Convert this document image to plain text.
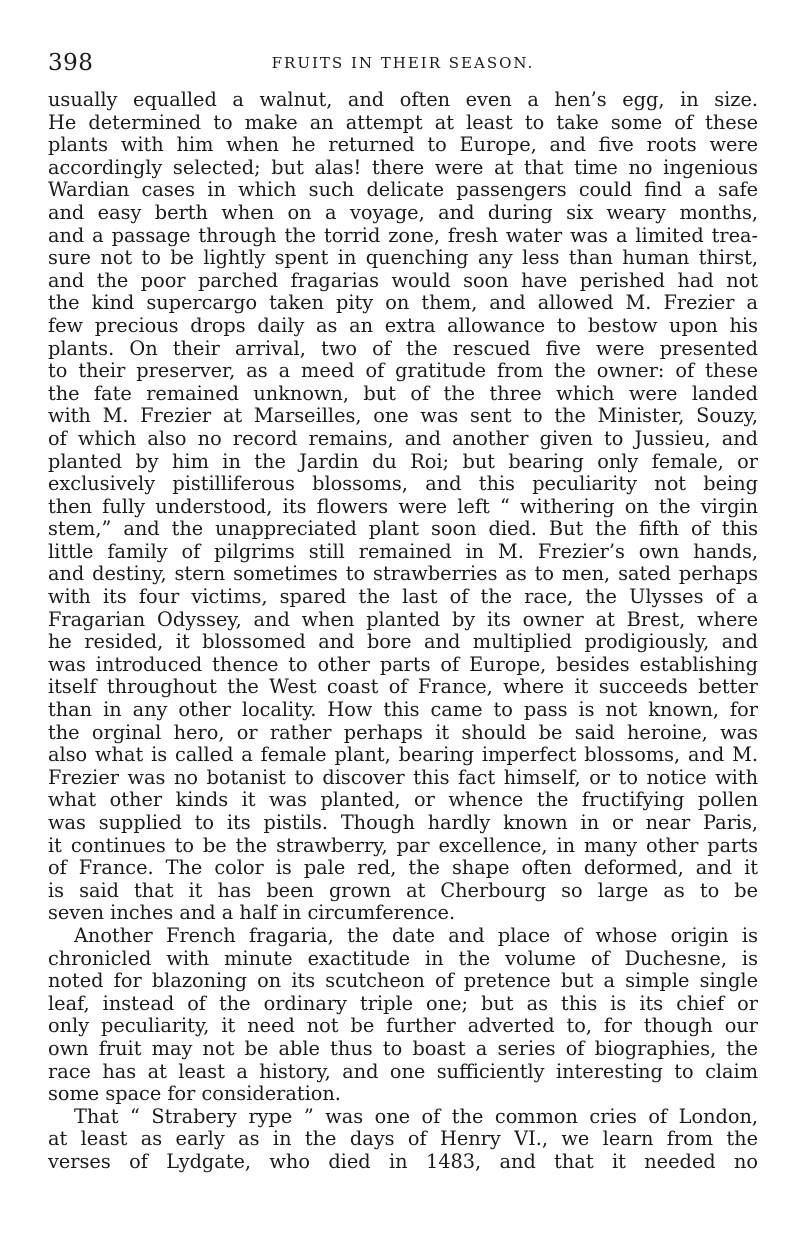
398	FRUITS IN THEIR SEASON.
usually equalled a walnut, and often even a hen’s egg, in size.
He determined to make an attempt at least to take some of these
plants with him when he returned to Europe, and five roots were
accordingly selected; but alas! there were at that time no ingenious
Wardian cases in which such delicate passengers could find a safe
and easy berth when on a voyage, and during six weary months,
and a passage through the torrid zone, fresh water was a limited trea-
sure not to be lightly spent in quenching any less than human thirst,
and the poor parched fragarias would soon have perished had not
the kind supercargo taken pity on them, and allowed M. Frezier a
few precious drops daily as an extra allowance to bestow upon his
plants. On their arrival, two of the rescued five were presented
to their preserver, as a meed of gratitude from the owner: of these
the fate remained unknown, but of the three which were landed
with M. Frezier at Marseilles, one was sent to the Minister, Souzy,
of which also no record remains, and another given to Jussieu, and
planted by him in the Jardin du Roi; but bearing only female, or
exclusively pistilliferous blossoms, and this peculiarity not being
then fully understood, its flowers were left “ withering on the virgin
stem,” and the unappreciated plant soon died. But the fifth of this
little family of pilgrims still remained in M. Frezier’s own hands,
and destiny, stern sometimes to strawberries as to men, sated perhaps
with its four victims, spared the last of the race, the Ulysses of a
Fragarian Odyssey, and when planted by its owner at Brest, where
he resided, it blossomed and bore and multiplied prodigiously, and
was introduced thence to other parts of Europe, besides establishing
itself throughout the West coast of France, where it succeeds better
than in any other locality. How this came to pass is not known, for
the orginal hero, or rather perhaps it should be said heroine, was
also what is called a female plant, bearing imperfect blossoms, and M.
Frezier was no botanist to discover this fact himself, or to notice with
what other kinds it was planted, or whence the fructifying pollen
was supplied to its pistils. Though hardly known in or near Paris,
it continues to be the strawberry, par excellence, in many other parts
of France. The color is pale red, the shape often deformed, and it
is said that it has been grown at Cherbourg so large as to be
seven inches and a half in circumference.
Another French fragaria, the date and place of whose origin is
chronicled with minute exactitude in the volume of Duchesne, is
noted for blazoning on its scutcheon of pretence but a simple single
leaf, instead of the ordinary triple one; but as this is its chief or
only peculiarity, it need not be further adverted to, for though our
own fruit may not be able thus to boast a series of biographies, the
race has at least a history, and one sufficiently interesting to claim
some space for consideration.
That “ Strabery rype ” was one of the common cries of London,
at least as early as in the days of Henry VI., we learn from the
verses of Lydgate, who died in 1483, and that it needed no
